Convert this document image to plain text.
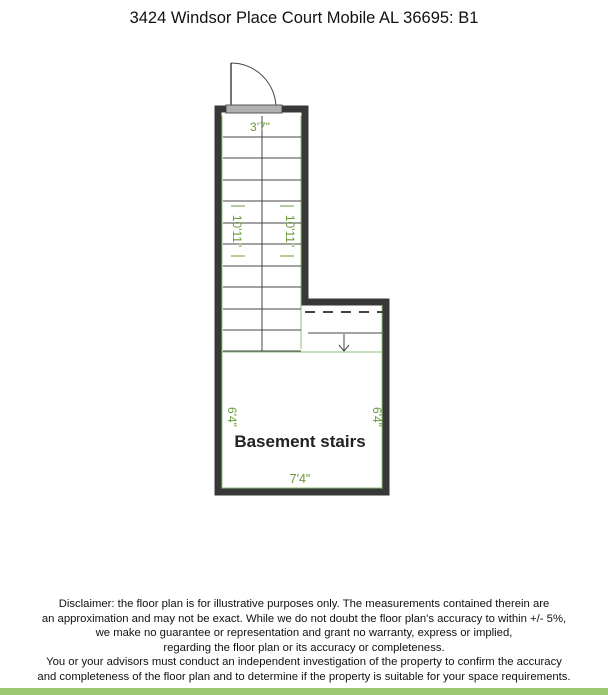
3424 Windsor Place Court Mobile AL 36695: B1
3'7"
10'11"	10'11"
6'4"	6'4"
7'4"
Basement stairs
Disclaimer: the floor plan is for illustrative purposes only. The measurements contained therein are
an approximation and may not be exact. While we do not doubt the floor plan's accuracy to within +/- 5%,
we make no guarantee or representation and grant no warranty, express or implied,
regarding the floor plan or its accuracy or completeness.
You or your advisors must conduct an independent investigation of the property to confirm the accuracy
and completeness of the floor plan and to determine if the property is suitable for your space requirements.
